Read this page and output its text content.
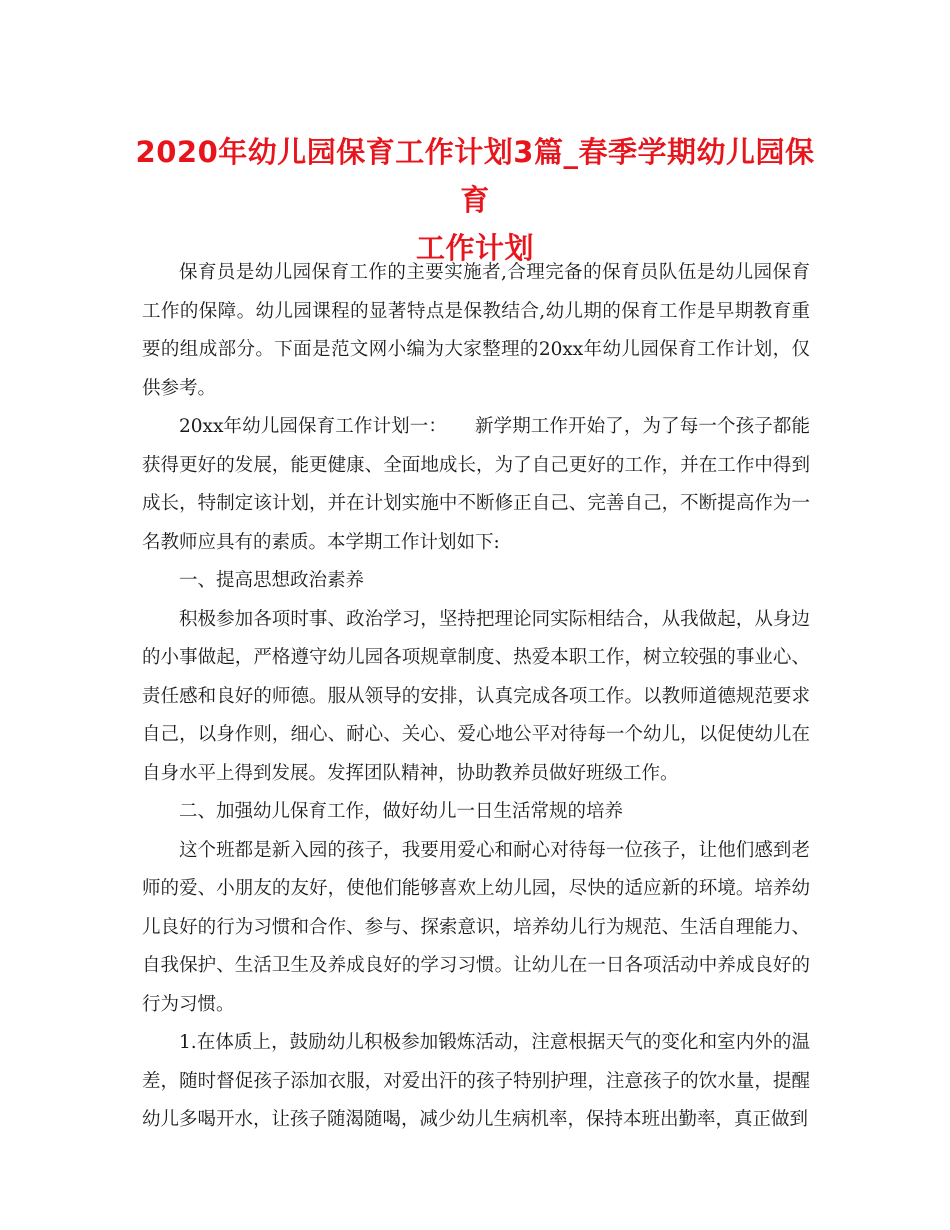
2020年幼儿园保育工作计划3篇_春季学期幼儿园保育
工作计划

保育员是幼儿园保育工作的主要实施者,合理完备的保育员队伍是幼儿园保育工作的保障。幼儿园课程的显著特点是保教结合,幼儿期的保育工作是早期教育重要的组成部分。下面是范文网小编为大家整理的20xx年幼儿园保育工作计划，仅供参考。

20xx年幼儿园保育工作计划一：　　新学期工作开始了，为了每一个孩子都能获得更好的发展，能更健康、全面地成长，为了自己更好的工作，并在工作中得到成长，特制定该计划，并在计划实施中不断修正自己、完善自己，不断提高作为一名教师应具有的素质。本学期工作计划如下:

一、提高思想政治素养

积极参加各项时事、政治学习，坚持把理论同实际相结合，从我做起，从身边的小事做起，严格遵守幼儿园各项规章制度、热爱本职工作，树立较强的事业心、责任感和良好的师德。服从领导的安排，认真完成各项工作。以教师道德规范要求自己，以身作则，细心、耐心、关心、爱心地公平对待每一个幼儿，以促使幼儿在自身水平上得到发展。发挥团队精神，协助教养员做好班级工作。

二、加强幼儿保育工作，做好幼儿一日生活常规的培养

这个班都是新入园的孩子，我要用爱心和耐心对待每一位孩子，让他们感到老师的爱、小朋友的友好，使他们能够喜欢上幼儿园，尽快的适应新的环境。培养幼儿良好的行为习惯和合作、参与、探索意识，培养幼儿行为规范、生活自理能力、自我保护、生活卫生及养成良好的学习习惯。让幼儿在一日各项活动中养成良好的行为习惯。

1.在体质上，鼓励幼儿积极参加锻炼活动，注意根据天气的变化和室内外的温差，随时督促孩子添加衣服，对爱出汗的孩子特别护理，注意孩子的饮水量，提醒幼儿多喝开水，让孩子随渴随喝，减少幼儿生病机率，保持本班出勤率，真正做到
